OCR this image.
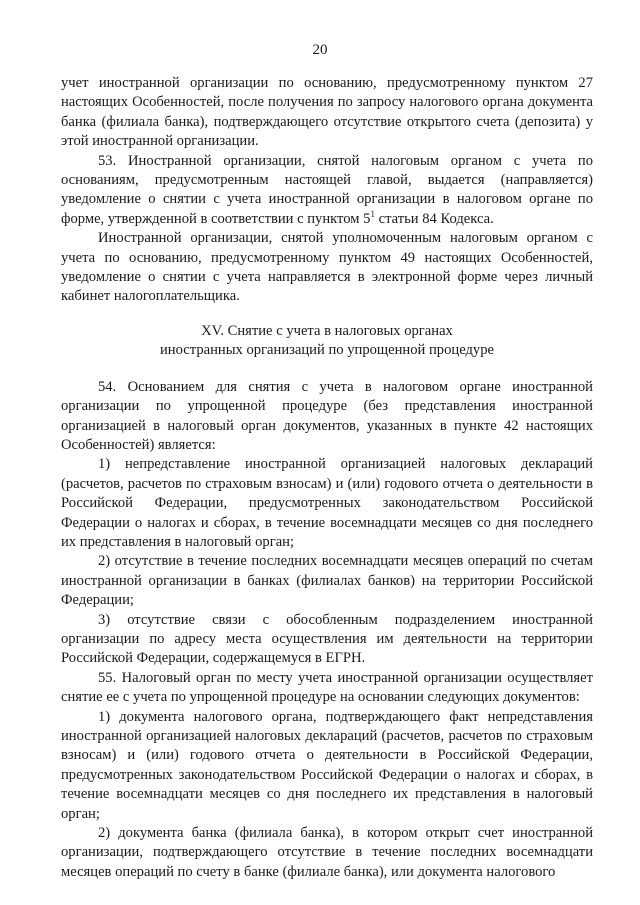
20

учет иностранной организации по основанию, предусмотренному пунктом 27 настоящих Особенностей, после получения по запросу налогового органа документа банка (филиала банка), подтверждающего отсутствие открытого счета (депозита) у этой иностранной организации.

53. Иностранной организации, снятой налоговым органом с учета по основаниям, предусмотренным настоящей главой, выдается (направляется) уведомление о снятии с учета иностранной организации в налоговом органе по форме, утвержденной в соответствии с пунктом $5^1$ статьи 84 Кодекса.

Иностранной организации, снятой уполномоченным налоговым органом с учета по основанию, предусмотренному пунктом 49 настоящих Особенностей, уведомление о снятии с учета направляется в электронной форме через личный кабинет налогоплательщика.

XV. Снятие с учета в налоговых органах
иностранных организаций по упрощенной процедуре

54. Основанием для снятия с учета в налоговом органе иностранной организации по упрощенной процедуре (без представления иностранной организацией в налоговый орган документов, указанных в пункте 42 настоящих Особенностей) является:

1) непредставление иностранной организацией налоговых деклараций (расчетов, расчетов по страховым взносам) и (или) годового отчета о деятельности в Российской Федерации, предусмотренных законодательством Российской Федерации о налогах и сборах, в течение восемнадцати месяцев со дня последнего их представления в налоговый орган;

2) отсутствие в течение последних восемнадцати месяцев операций по счетам иностранной организации в банках (филиалах банков) на территории Российской Федерации;

3) отсутствие связи с обособленным подразделением иностранной организации по адресу места осуществления им деятельности на территории Российской Федерации, содержащемуся в ЕГРН.

55. Налоговый орган по месту учета иностранной организации осуществляет снятие ее с учета по упрощенной процедуре на основании следующих документов:

1) документа налогового органа, подтверждающего факт непредставления иностранной организацией налоговых деклараций (расчетов, расчетов по страховым взносам) и (или) годового отчета о деятельности в Российской Федерации, предусмотренных законодательством Российской Федерации о налогах и сборах, в течение восемнадцати месяцев со дня последнего их представления в налоговый орган;

2) документа банка (филиала банка), в котором открыт счет иностранной организации, подтверждающего отсутствие в течение последних восемнадцати месяцев операций по счету в банке (филиале банка), или документа налогового
